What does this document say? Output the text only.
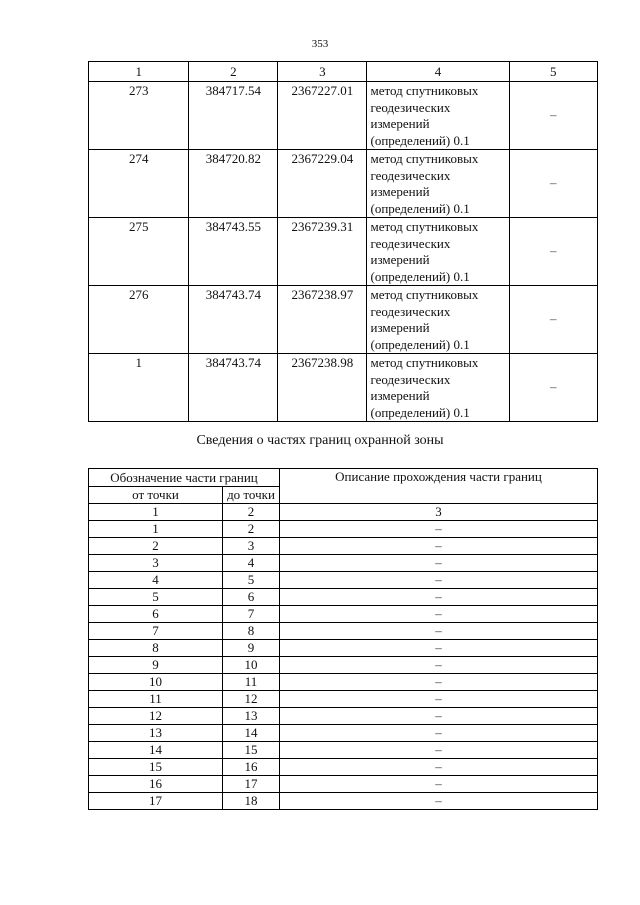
353
1	2	3	4	5
273	384717.54	2367227.01	метод спутниковых геодезических измерений (определений) 0.1	–
274	384720.82	2367229.04	метод спутниковых геодезических измерений (определений) 0.1	–
275	384743.55	2367239.31	метод спутниковых геодезических измерений (определений) 0.1	–
276	384743.74	2367238.97	метод спутниковых геодезических измерений (определений) 0.1	–
1	384743.74	2367238.98	метод спутниковых геодезических измерений (определений) 0.1	–
Сведения о частях границ охранной зоны
Обозначение части границ		Описание прохождения части границ
от точки	до точки	
1	2	3
1	2	–
2	3	–
3	4	–
4	5	–
5	6	–
6	7	–
7	8	–
8	9	–
9	10	–
10	11	–
11	12	–
12	13	–
13	14	–
14	15	–
15	16	–
16	17	–
17	18	–
